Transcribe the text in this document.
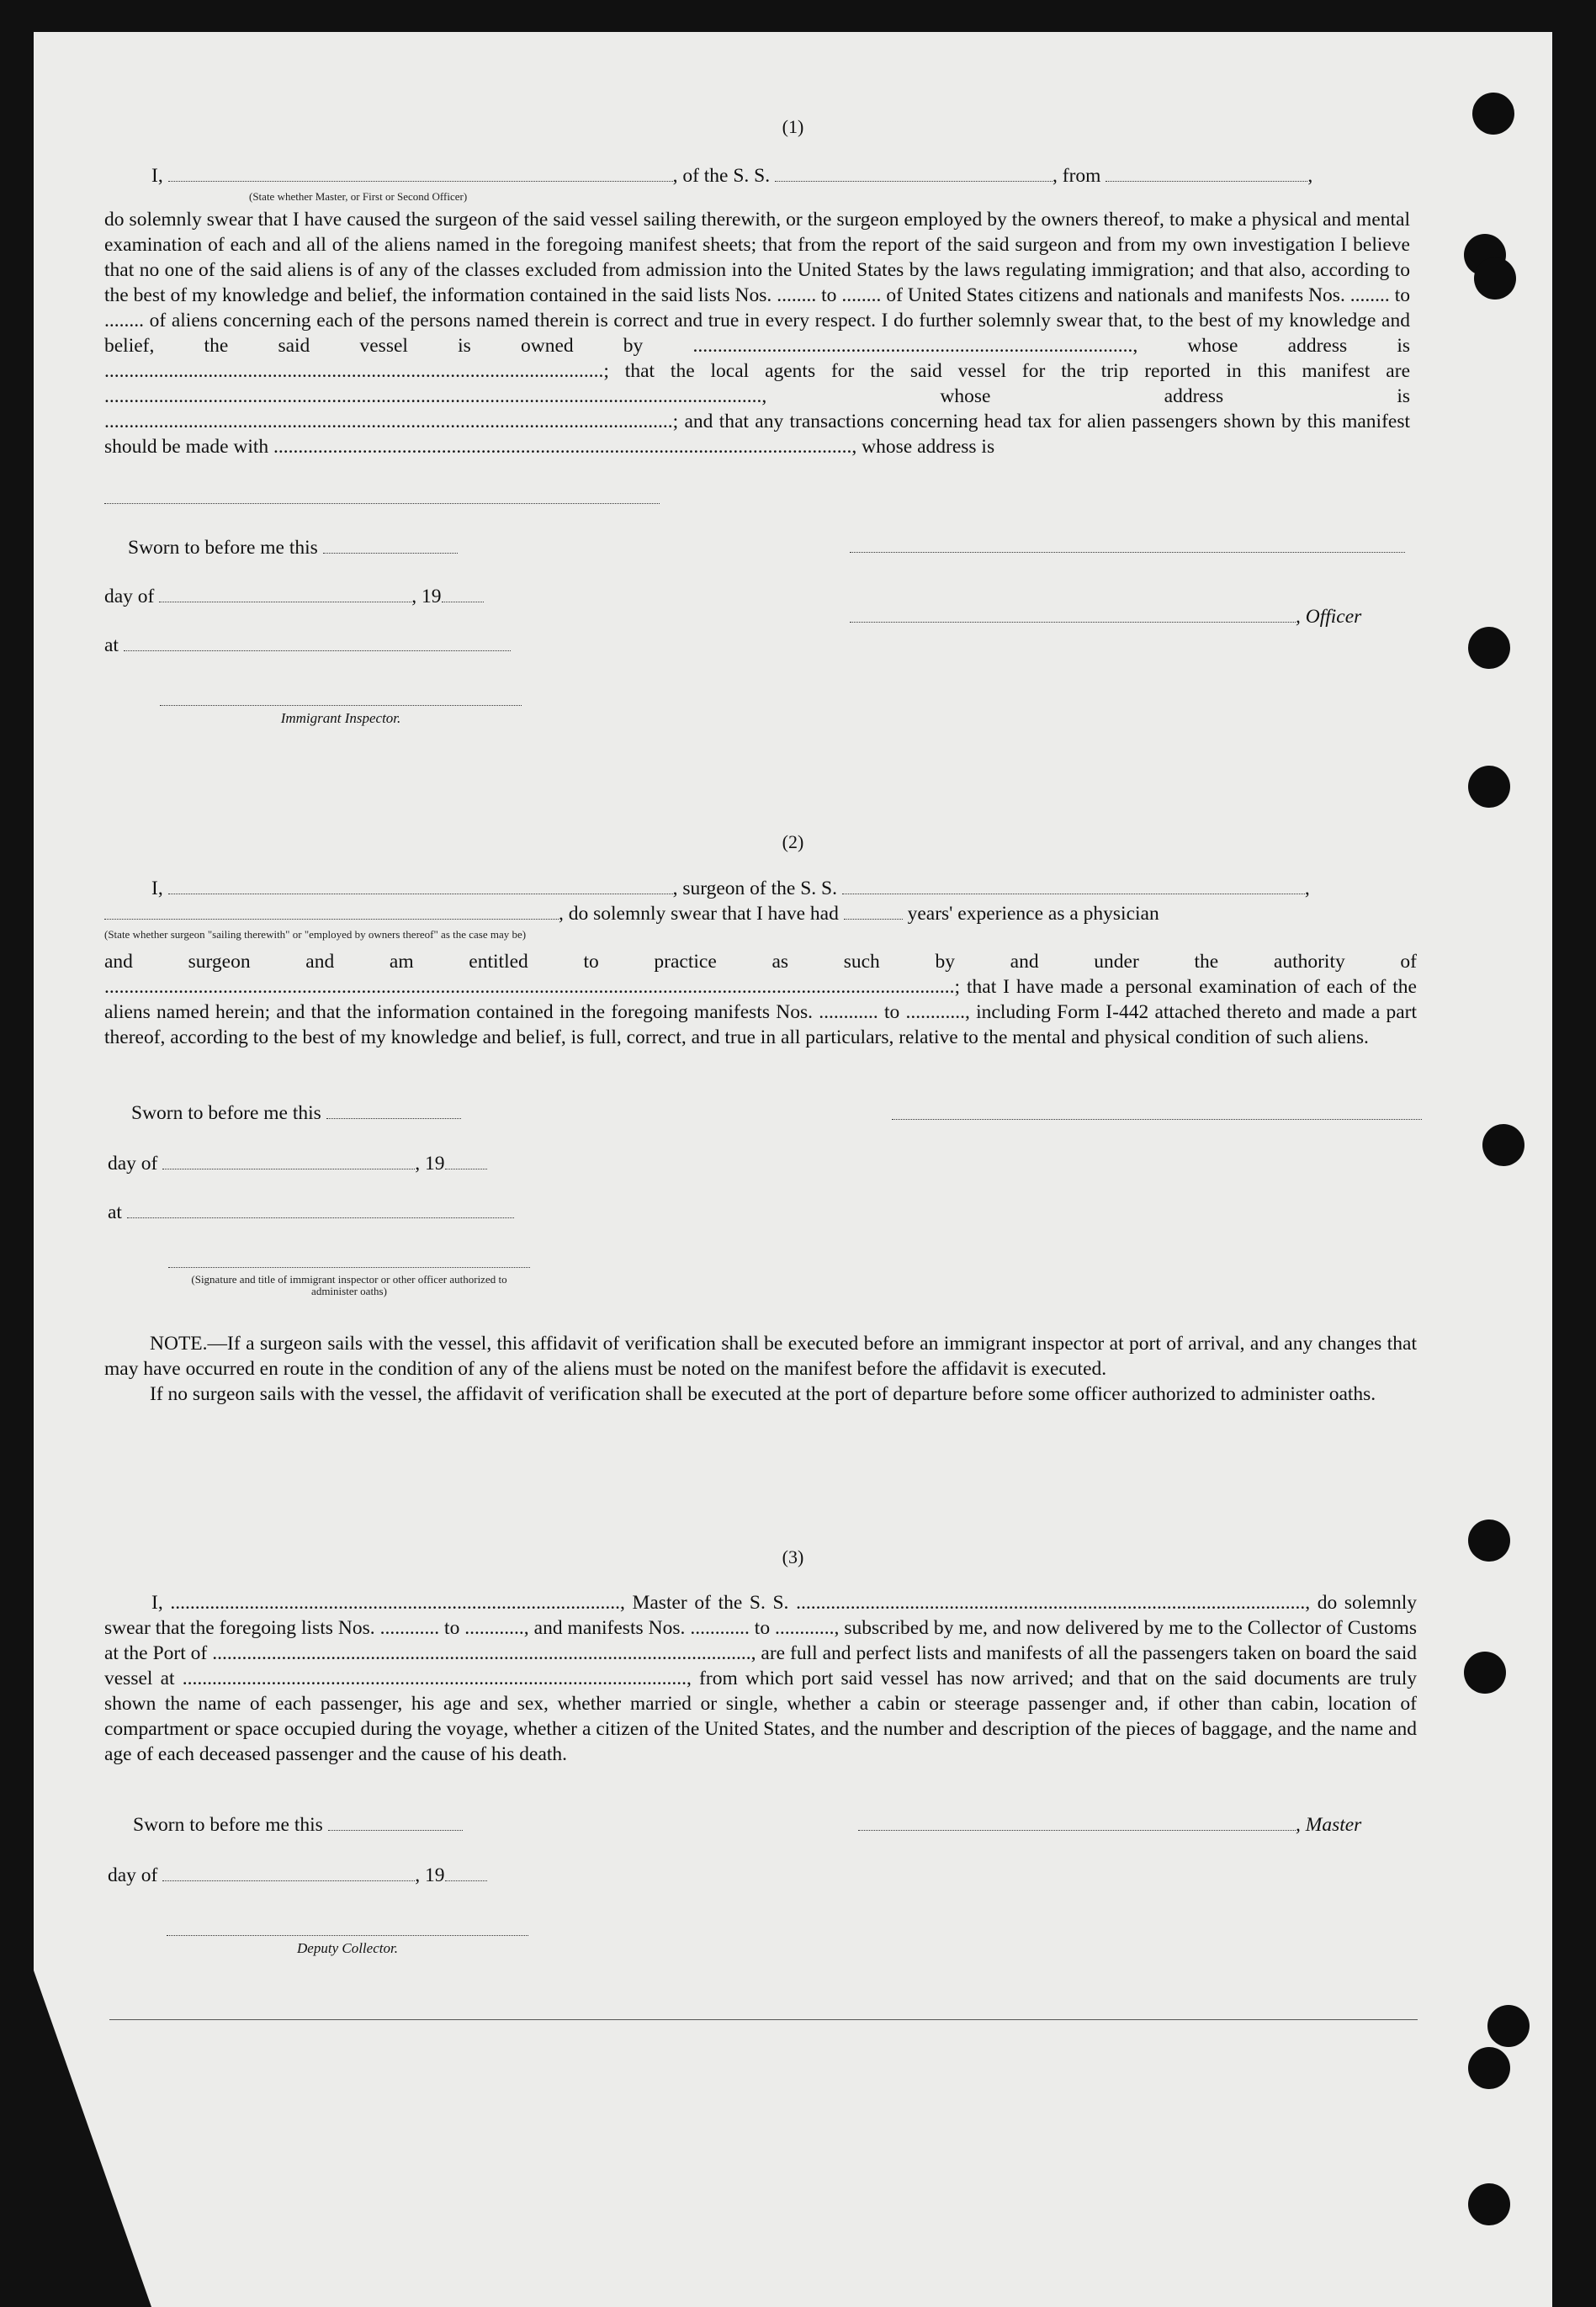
(1)
I,	, of the S. S.	, from	,
(State whether Master, or First or Second Officer)

do solemnly swear that I have caused the surgeon of the said vessel sailing therewith, or the surgeon employed by the owners thereof, to make a physical and mental examination of each and all of the aliens named in the foregoing manifest sheets; that from the report of the said surgeon and from my own investigation I believe that no one of the said aliens is of any of the classes excluded from admission into the United States by the laws regulating immigration; and that also, according to the best of my knowledge and belief, the information contained in the said lists Nos. ........ to ........ of United States citizens and nationals and manifests Nos. ........ to ........ of aliens concerning each of the persons named therein is correct and true in every respect. I do further solemnly swear that, to the best of my knowledge and belief, the said vessel is owned by ........................................................................................., whose address is .....................................................................................................; that the local agents for the said vessel for the trip reported in this manifest are ....................................................................................................................................., whose address is ...................................................................................................................; and that any transactions concerning head tax for alien passengers shown by this manifest should be made with ....................................................................................................................., whose address is

Sworn to before me this
day of	, 19
at
, Officer
Immigrant Inspector.
(2)
I,	, surgeon of the S. S.	,
, do solemnly swear that I have had	years' experience as a physician
(State whether surgeon "sailing therewith" or "employed by owners thereof" as the case may be)

and surgeon and am entitled to practice as such by and under the authority of ............................................................................................................................................................................; that I have made a personal examination of each of the aliens named herein; and that the information contained in the foregoing manifests Nos. ............ to ............, including Form I-442 attached thereto and made a part thereof, according to the best of my knowledge and belief, is full, correct, and true in all particulars, relative to the mental and physical condition of such aliens.

Sworn to before me this
day of	, 19
at
(Signature and title of immigrant inspector or other officer authorized to administer oaths)

NOTE.—If a surgeon sails with the vessel, this affidavit of verification shall be executed before an immigrant inspector at port of arrival, and any changes that may have occurred en route in the condition of any of the aliens must be noted on the manifest before the affidavit is executed.

If no surgeon sails with the vessel, the affidavit of verification shall be executed at the port of departure before some officer authorized to administer oaths.

(3)

I, ..........................................................................................., Master of the S. S. ......................................................................................................., do solemnly swear that the foregoing lists Nos. ............ to ............, and manifests Nos. ............ to ............, subscribed by me, and now delivered by me to the Collector of Customs at the Port of ............................................................................................................., are full and perfect lists and manifests of all the passengers taken on board the said vessel at ......................................................................................................, from which port said vessel has now arrived; and that on the said documents are truly shown the name of each passenger, his age and sex, whether married or single, whether a cabin or steerage passenger and, if other than cabin, location of compartment or space occupied during the voyage, whether a citizen of the United States, and the number and description of the pieces of baggage, and the name and age of each deceased passenger and the cause of his death.

Sworn to before me this	, Master
day of	, 19
Deputy Collector.
